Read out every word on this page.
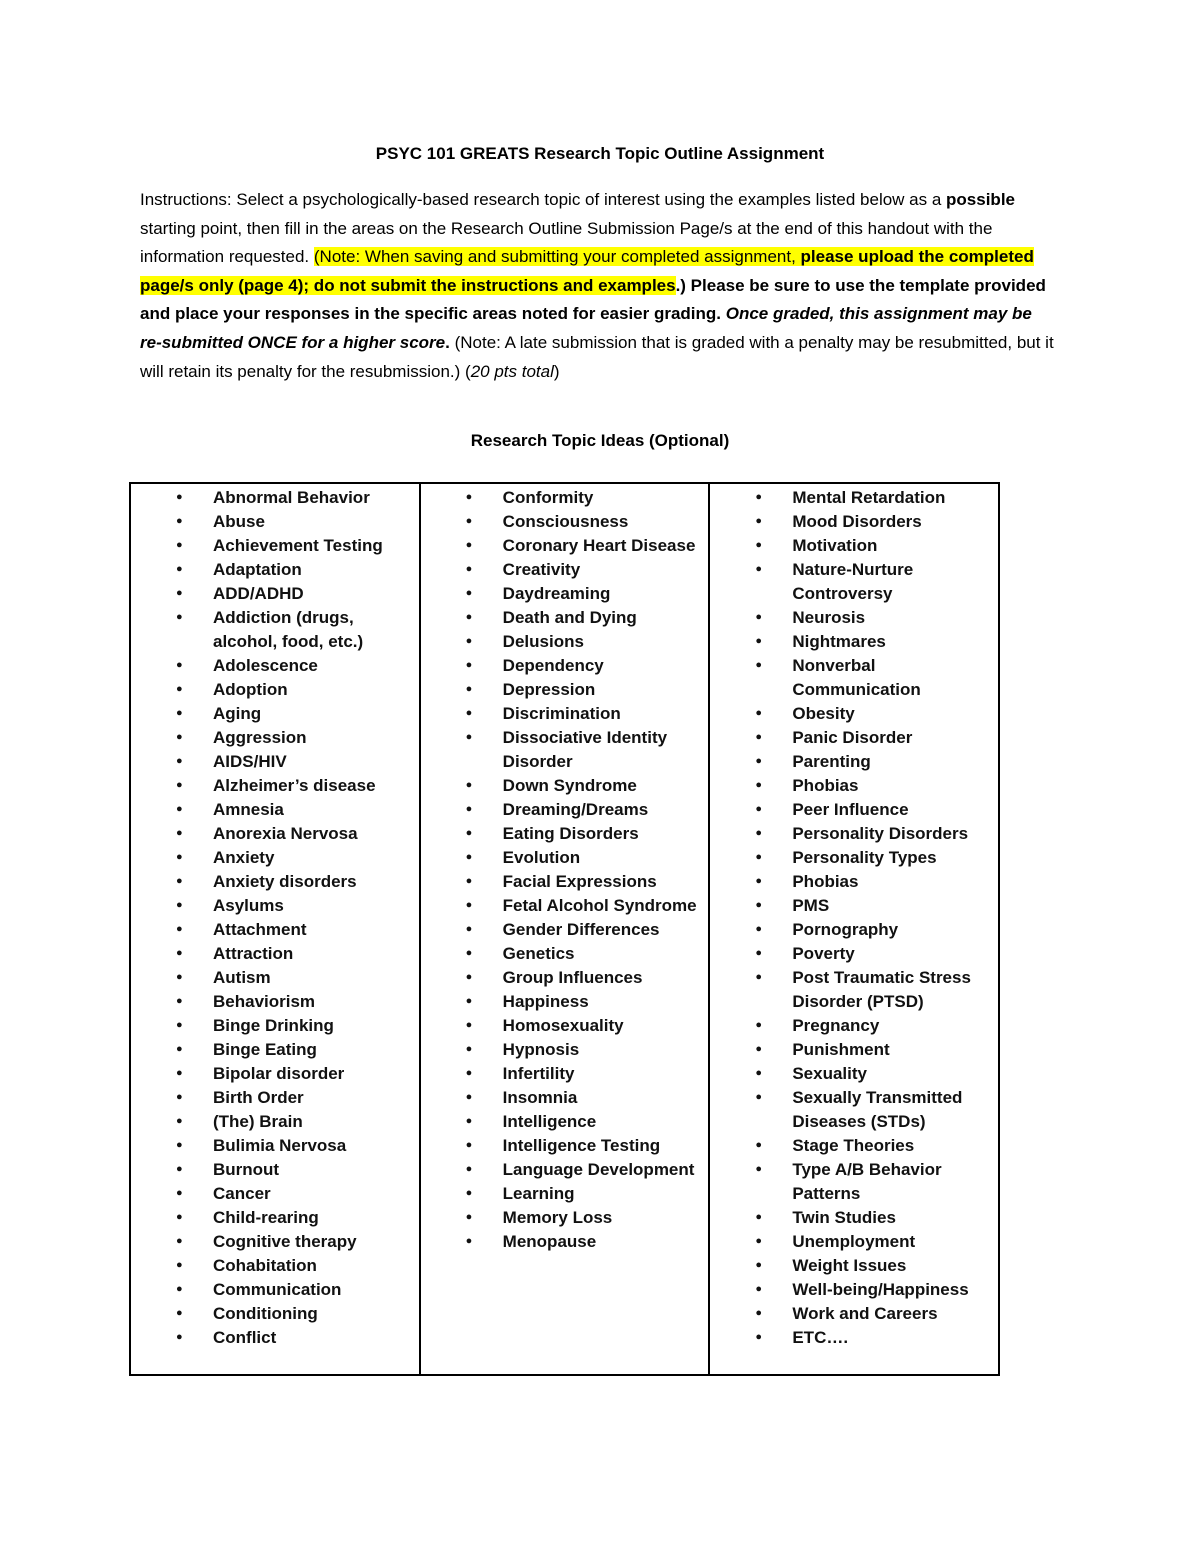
PSYC 101 GREATS Research Topic Outline Assignment
Instructions: Select a psychologically-based research topic of interest using the examples listed below as a possible starting point, then fill in the areas on the Research Outline Submission Page/s at the end of this handout with the information requested. (Note: When saving and submitting your completed assignment, please upload the completed page/s only (page 4); do not submit the instructions and examples.) Please be sure to use the template provided and place your responses in the specific areas noted for easier grading. Once graded, this assignment may be re-submitted ONCE for a higher score. (Note: A late submission that is graded with a penalty may be resubmitted, but it will retain its penalty for the resubmission.) (20 pts total)
Research Topic Ideas (Optional)
● Abnormal Behavior
● Abuse
● Achievement Testing
● Adaptation
● ADD/ADHD
● Addiction (drugs, alcohol, food, etc.)
● Adolescence
● Adoption
● Aging
● Aggression
● AIDS/HIV
● Alzheimer’s disease
● Amnesia
● Anorexia Nervosa
● Anxiety
● Anxiety disorders
● Asylums
● Attachment
● Attraction
● Autism
● Behaviorism
● Binge Drinking
● Binge Eating
● Bipolar disorder
● Birth Order
● (The) Brain
● Bulimia Nervosa
● Burnout
● Cancer
● Child-rearing
● Cognitive therapy
● Cohabitation
● Communication
● Conditioning
● Conflict
● Conformity
● Consciousness
● Coronary Heart Disease
● Creativity
● Daydreaming
● Death and Dying
● Delusions
● Dependency
● Depression
● Discrimination
● Dissociative Identity Disorder
● Down Syndrome
● Dreaming/Dreams
● Eating Disorders
● Evolution
● Facial Expressions
● Fetal Alcohol Syndrome
● Gender Differences
● Genetics
● Group Influences
● Happiness
● Homosexuality
● Hypnosis
● Infertility
● Insomnia
● Intelligence
● Intelligence Testing
● Language Development
● Learning
● Memory Loss
● Menopause
● Mental Retardation
● Mood Disorders
● Motivation
● Nature-Nurture Controversy
● Neurosis
● Nightmares
● Nonverbal Communication
● Obesity
● Panic Disorder
● Parenting
● Phobias
● Peer Influence
● Personality Disorders
● Personality Types
● Phobias
● PMS
● Pornography
● Poverty
● Post Traumatic Stress Disorder (PTSD)
● Pregnancy
● Punishment
● Sexuality
● Sexually Transmitted Diseases (STDs)
● Stage Theories
● Type A/B Behavior Patterns
● Twin Studies
● Unemployment
● Weight Issues
● Well-being/Happiness
● Work and Careers
● ETC….
